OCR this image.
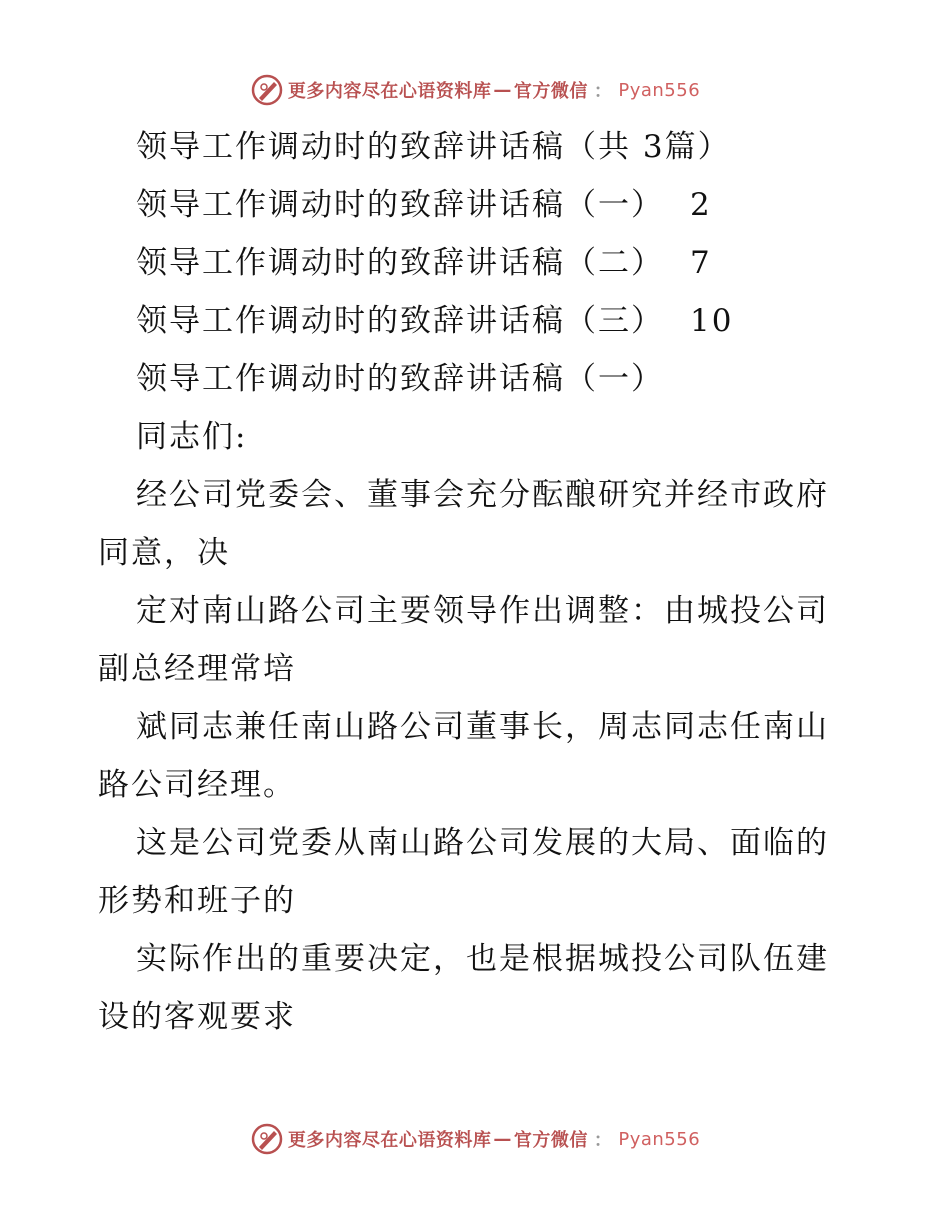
更多内容尽在心语资料库 — 官方微信 ： Pyan556
领导工作调动时的致辞讲话稿（共 3篇）
领导工作调动时的致辞讲话稿（一） 2
领导工作调动时的致辞讲话稿（二） 7
领导工作调动时的致辞讲话稿（三） 10
领导工作调动时的致辞讲话稿（一）
同志们:
经公司党委会、董事会充分酝酿研究并经市政府
同意，决
定对南山路公司主要领导作出调整：由城投公司
副总经理常培
斌同志兼任南山路公司董事长，周志同志任南山
路公司经理。
这是公司党委从南山路公司发展的大局、面临的
形势和班子的
实际作出的重要决定，也是根据城投公司队伍建
设的客观要求
更多内容尽在心语资料库 — 官方微信 ： Pyan556
